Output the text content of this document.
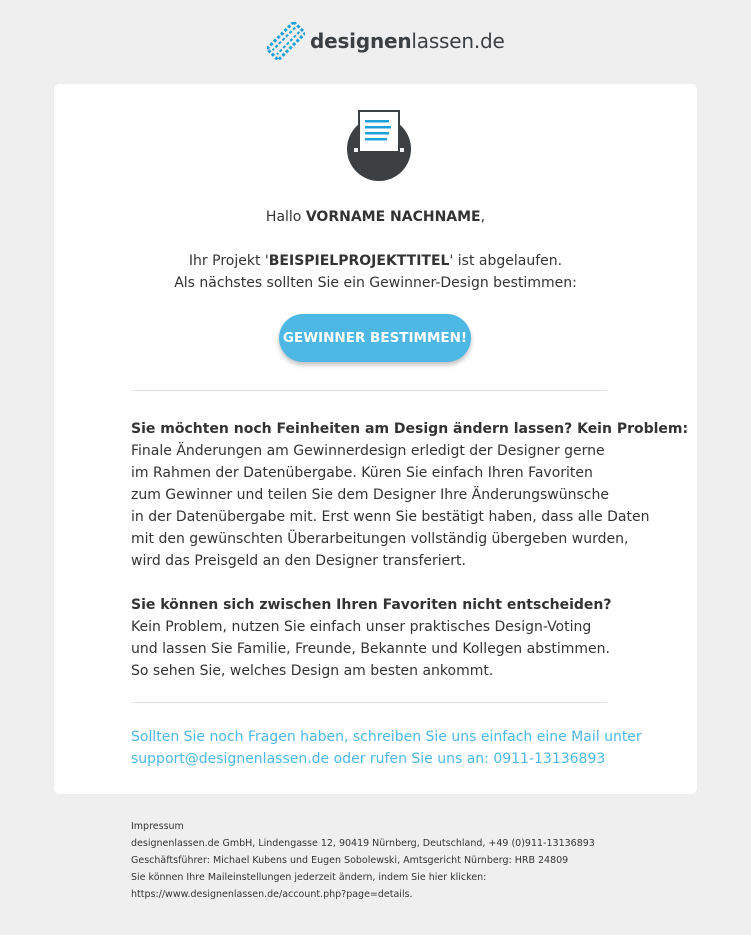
designenlassen.de
Hallo VORNAME NACHNAME,
Ihr Projekt 'BEISPIELPROJEKTTITEL' ist abgelaufen.
Als nächstes sollten Sie ein Gewinner-Design bestimmen:
GEWINNER BESTIMMEN!
Sie möchten noch Feinheiten am Design ändern lassen? Kein Problem:
Finale Änderungen am Gewinnerdesign erledigt der Designer gerne
im Rahmen der Datenübergabe. Küren Sie einfach Ihren Favoriten
zum Gewinner und teilen Sie dem Designer Ihre Änderungswünsche
in der Datenübergabe mit. Erst wenn Sie bestätigt haben, dass alle Daten
mit den gewünschten Überarbeitungen vollständig übergeben wurden,
wird das Preisgeld an den Designer transferiert.
Sie können sich zwischen Ihren Favoriten nicht entscheiden?
Kein Problem, nutzen Sie einfach unser praktisches Design-Voting
und lassen Sie Familie, Freunde, Bekannte und Kollegen abstimmen.
So sehen Sie, welches Design am besten ankommt.
Sollten Sie noch Fragen haben, schreiben Sie uns einfach eine Mail unter
support@designenlassen.de oder rufen Sie uns an: 0911-13136893
Impressum
designenlassen.de GmbH, Lindengasse 12, 90419 Nürnberg, Deutschland, +49 (0)911-13136893
Geschäftsführer: Michael Kubens und Eugen Sobolewski, Amtsgericht Nürnberg: HRB 24809
Sie können Ihre Maileinstellungen jederzeit ändern, indem Sie hier klicken:
https://www.designenlassen.de/account.php?page=details.
